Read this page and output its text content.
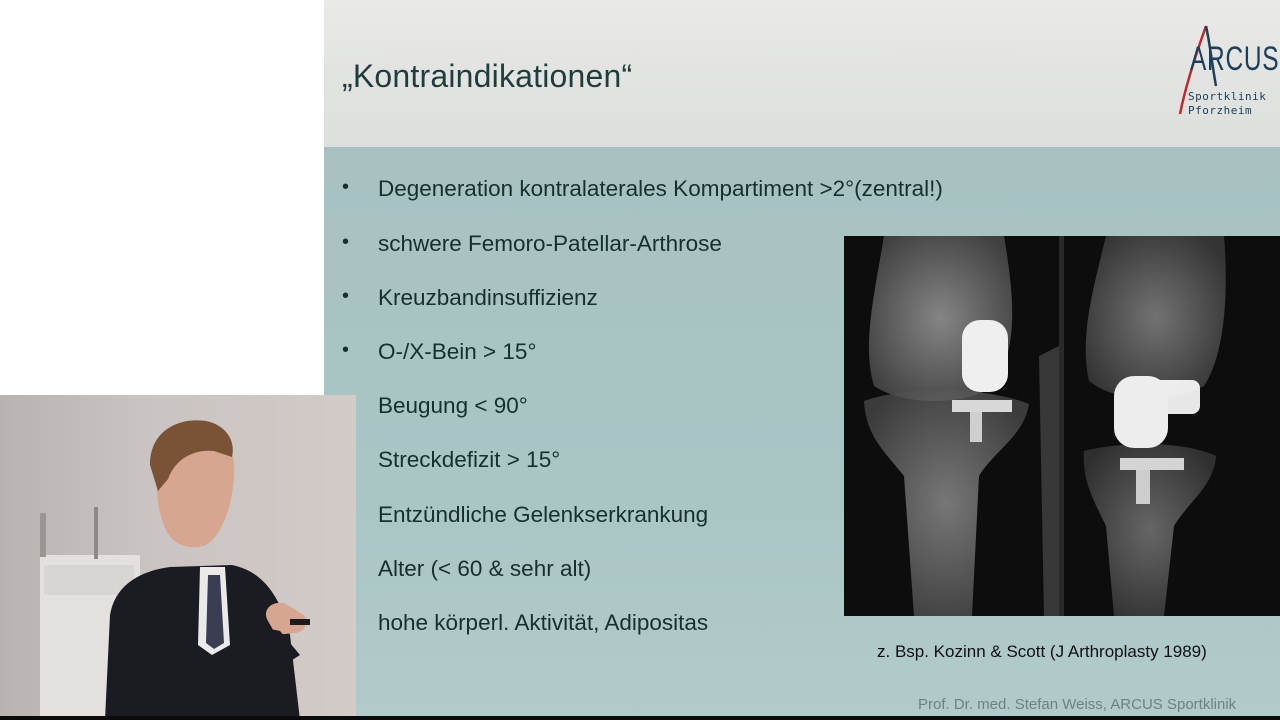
„Kontraindikationen“	ARCUS
Sportklinik
Pforzheim
• Degeneration kontralaterales Kompartiment >2°(zentral!)
• schwere Femoro-Patellar-Arthrose
• Kreuzbandinsuffizienz
• O-/X-Bein > 15°
Beugung < 90°
Streckdefizit > 15°
Entzündliche Gelenkserkrankung
Alter (< 60 & sehr alt)
hohe körperl. Aktivität, Adipositas
z. Bsp. Kozinn & Scott (J Arthroplasty 1989)
Prof. Dr. med. Stefan Weiss, ARCUS Sportklinik
